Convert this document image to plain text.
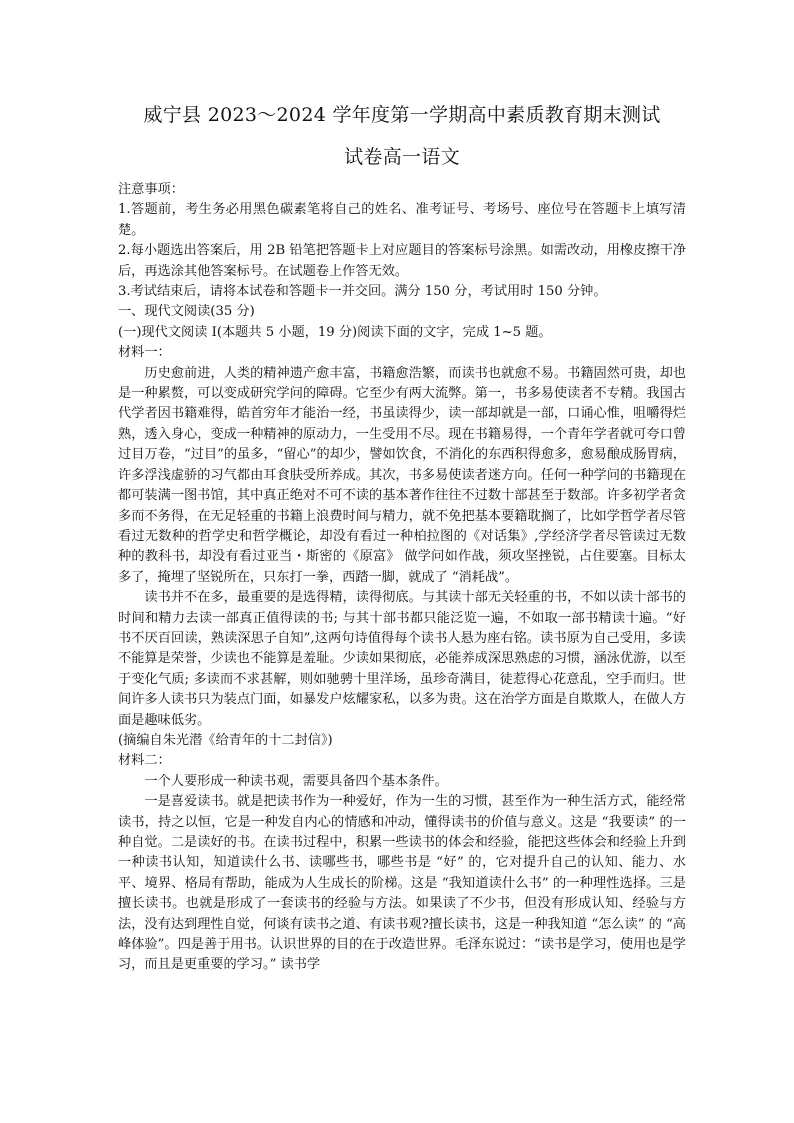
威宁县 2023～2024 学年度第一学期高中素质教育期末测试
试卷高一语文

注意事项：

1.答题前，考生务必用黑色碳素笔将自己的姓名、准考证号、考场号、座位号在答题卡上填写清楚。

2.每小题选出答案后，用 2B 铅笔把答题卡上对应题目的答案标号涂黑。如需改动，用橡皮擦干净后，再选涂其他答案标号。在试题卷上作答无效。

3.考试结束后，请将本试卷和答题卡一并交回。满分 150 分，考试用时 150 分钟。

一、现代文阅读(35 分)

(一)现代文阅读 I(本题共 5 小题，19 分)阅读下面的文字，完成 1~5 题。

材料一：

历史愈前进，人类的精神遗产愈丰富，书籍愈浩繁，而读书也就愈不易。书籍固然可贵，却也是一种累赘，可以变成研究学问的障碍。它至少有两大流弊。第一，书多易使读者不专精。我国古代学者因书籍难得，皓首穷年才能治一经，书虽读得少，读一部却就是一部，口诵心惟，咀嚼得烂熟，透入身心，变成一种精神的原动力，一生受用不尽。现在书籍易得，一个青年学者就可夸口曾过目万卷，“过目”的虽多，“留心”的却少，譬如饮食，不消化的东西积得愈多，愈易酿成肠胃病，许多浮浅虚骄的习气都由耳食肤受所养成。其次，书多易使读者迷方向。任何一种学问的书籍现在都可装满一图书馆，其中真正绝对不可不读的基本著作往往不过数十部甚至于数部。许多初学者贪多而不务得，在无足轻重的书籍上浪费时间与精力，就不免把基本要籍耽搁了，比如学哲学者尽管看过无数种的哲学史和哲学概论，却没有看过一种柏拉图的《对话集》,学经济学者尽管读过无数种的教科书，却没有看过亚当・斯密的《原富》 做学问如作战，须攻坚挫锐，占住要塞。目标太多了，掩埋了坚锐所在，只东打一拳，西踏一脚，就成了 “消耗战”。

读书并不在多，最重要的是选得精，读得彻底。与其读十部无关轻重的书，不如以读十部书的时间和精力去读一部真正值得读的书; 与其十部书都只能泛览一遍，不如取一部书精读十遍。“好书不厌百回读，熟读深思子自知”,这两句诗值得每个读书人悬为座右铭。读书原为自己受用，多读不能算是荣誉，少读也不能算是羞耻。少读如果彻底，必能养成深思熟虑的习惯，涵泳优游，以至于变化气质; 多读而不求甚解，则如驰骋十里洋场，虽珍奇满目，徒惹得心花意乱，空手而归。世间许多人读书只为装点门面，如暴发户炫耀家私，以多为贵。这在治学方面是自欺欺人，在做人方面是趣味低劣。

(摘编自朱光潜《给青年的十二封信》)

材料二：

一个人要形成一种读书观，需要具备四个基本条件。

一是喜爱读书。就是把读书作为一种爱好，作为一生的习惯，甚至作为一种生活方式，能经常读书，持之以恒，它是一种发自内心的情感和冲动，懂得读书的价值与意义。这是 “我要读” 的一种自觉。二是读好的书。在读书过程中，积累一些读书的体会和经验，能把这些体会和经验上升到一种读书认知，知道读什么书、读哪些书，哪些书是 “好” 的，它对提升自己的认知、能力、水平、境界、格局有帮助，能成为人生成长的阶梯。这是 “我知道读什么书” 的一种理性选择。三是擅长读书。也就是形成了一套读书的经验与方法。如果读了不少书，但没有形成认知、经验与方法，没有达到理性自觉，何谈有读书之道、有读书观?擅长读书，这是一种我知道 “怎么读” 的 “高峰体验”。四是善于用书。认识世界的目的在于改造世界。毛泽东说过：“读书是学习，使用也是学习，而且是更重要的学习。” 读书学
